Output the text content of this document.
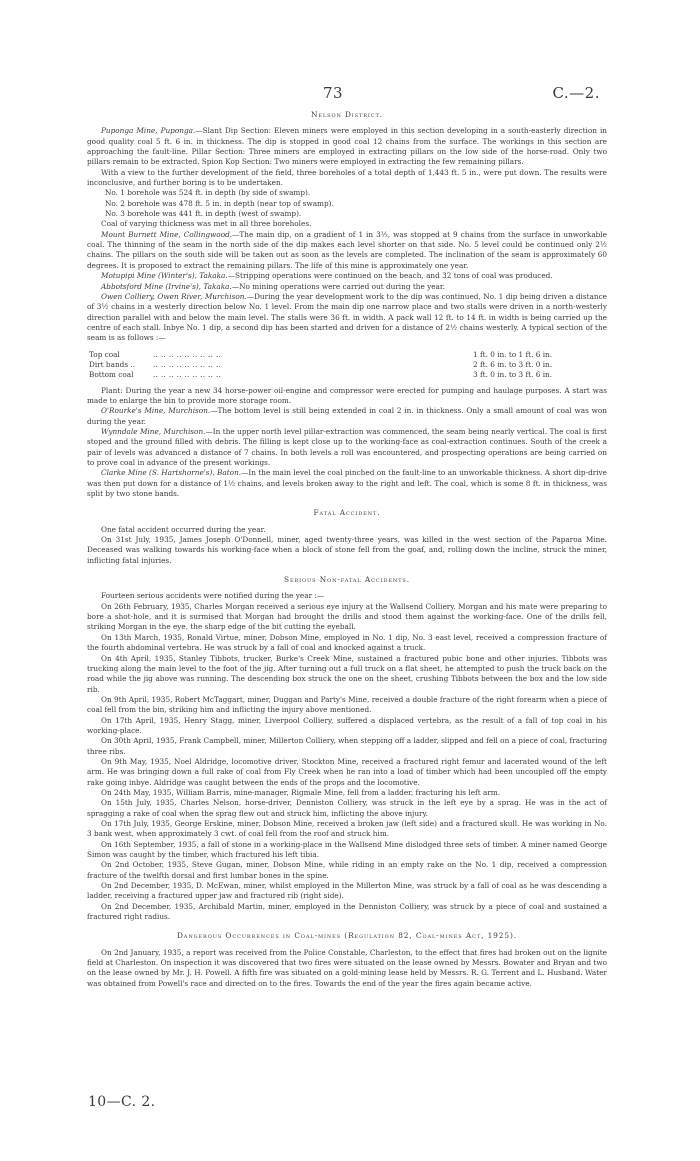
73	C.—2.
Nelson District.

Puponga Mine, Puponga.—Slant Dip Section: Eleven miners were employed in this section developing in a south-easterly direction in good quality coal 5 ft. 6 in. in thickness. The dip is stopped in good coal 12 chains from the surface. The workings in this section are approaching the fault-line. Pillar Section: Three miners are employed in extracting pillars on the low side of the horse-road. Only two pillars remain to be extracted. Spion Kop Section: Two miners were employed in extracting the few remaining pillars.

With a view to the further development of the field, three boreholes of a total depth of 1,443 ft. 5 in., were put down. The results were inconclusive, and further boring is to be undertaken.

No. 1 borehole was 524 ft. in depth (by side of swamp).

No. 2 borehole was 478 ft. 5 in. in depth (near top of swamp).

No. 3 borehole was 441 ft. in depth (west of swamp).

Coal of varying thickness was met in all three boreholes.

Mount Burnett Mine, Collingwood.—The main dip, on a gradient of 1 in 3½, was stopped at 9 chains from the surface in unworkable coal. The thinning of the seam in the north side of the dip makes each level shorter on that side. No. 5 level could be continued only 2½ chains. The pillars on the south side will be taken out as soon as the levels are completed. The inclination of the seam is approximately 60 degrees. It is proposed to extract the remaining pillars. The life of this mine is approximately one year.

Motupipi Mine (Winter's), Takaka.—Stripping operations were continued on the beach, and 32 tons of coal was produced.

Abbotsford Mine (Irvine's), Takaka.—No mining operations were carried out during the year.

Owen Colliery, Owen River, Murchison.—During the year development work to the dip was continued, No. 1 dip being driven a distance of 3½ chains in a westerly direction below No. 1 level. From the main dip one narrow place and two stalls were driven in a north-westerly direction parallel with and below the main level. The stalls were 36 ft. in width. A pack wall 12 ft. to 14 ft. in width is being carried up the centre of each stall. Inbye No. 1 dip, a second dip has been started and driven for a distance of 2½ chains westerly. A typical section of the seam is as follows :—

Top coal	.. .. .. .. .. .. .. .. ..	1 ft. 0 in. to 1 ft. 6 in.
Dirt bands ..	.. .. .. .. .. .. .. .. ..	2 ft. 6 in. to 3 ft. 0 in.
Bottom coal	.. .. .. .. .. .. .. .. ..	3 ft. 0 in. to 3 ft. 6 in.

Plant: During the year a new 34 horse-power oil-engine and compressor were erected for pumping and haulage purposes. A start was made to enlarge the bin to provide more storage room.

O'Rourke's Mine, Murchison.—The bottom level is still being extended in coal 2 in. in thickness. Only a small amount of coal was won during the year.

Wynndale Mine, Murchison.—In the upper north level pillar-extraction was commenced, the seam being nearly vertical. The coal is first stoped and the ground filled with debris. The filling is kept close up to the working-face as coal-extraction continues. South of the creek a pair of levels was advanced a distance of 7 chains. In both levels a roll was encountered, and prospecting operations are being carried on to prove coal in advance of the present workings.

Clarke Mine (S. Hartshorne's), Baton.—In the main level the coal pinched on the fault-line to an unworkable thickness. A short dip-drive was then put down for a distance of 1½ chains, and levels broken away to the right and left. The coal, which is some 8 ft. in thickness, was split by two stone bands.

Fatal Accident.

One fatal accident occurred during the year.

On 31st July, 1935, James Joseph O'Donnell, miner, aged twenty-three years, was killed in the west section of the Paparoa Mine. Deceased was walking towards his working-face when a block of stone fell from the goaf, and, rolling down the incline, struck the miner, inflicting fatal injuries.

Serious Non-fatal Accidents.

Fourteen serious accidents were notified during the year :—

On 26th February, 1935, Charles Morgan received a serious eye injury at the Wallsend Colliery. Morgan and his mate were preparing to bore a shot-hole, and it is surmised that Morgan had brought the drills and stood them against the working-face. One of the drills fell, striking Morgan in the eye, the sharp edge of the bit cutting the eyeball.

On 13th March, 1935, Ronald Virtue, miner, Dobson Mine, employed in No. 1 dip, No. 3 east level, received a compression fracture of the fourth abdominal vertebra. He was struck by a fall of coal and knocked against a truck.

On 4th April, 1935, Stanley Tibbots, trucker, Burke's Creek Mine, sustained a fractured pubic bone and other injuries. Tibbots was trucking along the main level to the foot of the jig. After turning out a full truck on a flat sheet, he attempted to push the truck back on the road while the jig above was running. The descending box struck the one on the sheet, crushing Tibbots between the box and the low side rib.

On 9th April, 1935, Robert McTaggart, miner, Duggan and Party's Mine, received a double fracture of the right forearm when a piece of coal fell from the bin, striking him and inflicting the injury above mentioned.

On 17th April, 1935, Henry Stagg, miner, Liverpool Colliery, suffered a displaced vertebra, as the result of a fall of top coal in his working-place.

On 30th April, 1935, Frank Campbell, miner, Millerton Colliery, when stepping off a ladder, slipped and fell on a piece of coal, fracturing three ribs.

On 9th May, 1935, Noel Aldridge, locomotive driver, Stockton Mine, received a fractured right femur and lacerated wound of the left arm. He was bringing down a full rake of coal from Fly Creek when he ran into a load of timber which had been uncoupled off the empty rake going inbye. Aldridge was caught between the ends of the props and the locomotive.

On 24th May, 1935, William Barris, mine-manager, Rigmale Mine, fell from a ladder, fracturing his left arm.

On 15th July, 1935, Charles Nelson, horse-driver, Denniston Colliery, was struck in the left eye by a sprag. He was in the act of spragging a rake of coal when the sprag flew out and struck him, inflicting the above injury.

On 17th July, 1935, George Erskine, miner, Dobson Mine, received a broken jaw (left side) and a fractured skull. He was working in No. 3 bank west, when approximately 3 cwt. of coal fell from the roof and struck him.

On 16th September, 1935, a fall of stone in a working-place in the Wallsend Mine dislodged three sets of timber. A miner named George Simon was caught by the timber, which fractured his left tibia.

On 2nd October, 1935, Steve Gugan, miner, Dobson Mine, while riding in an empty rake on the No. 1 dip, received a compression fracture of the twelfth dorsal and first lumbar bones in the spine.

On 2nd December, 1935, D. McEwan, miner, whilst employed in the Millerton Mine, was struck by a fall of coal as he was descending a ladder, receiving a fractured upper jaw and fractured rib (right side).

On 2nd December, 1935, Archibald Martin, miner, employed in the Denniston Colliery, was struck by a piece of coal and sustained a fractured right radius.

Dangerous Occurrences in Coal-mines (Regulation 82, Coal-mines Act, 1925).

On 2nd January, 1935, a report was received from the Police Constable, Charleston, to the effect that fires had broken out on the lignite field at Charleston. On inspection it was discovered that two fires were situated on the lease owned by Messrs. Bowater and Bryan and two on the lease owned by Mr. J. H. Powell. A fifth fire was situated on a gold-mining lease held by Messrs. R. G. Terrent and L. Husband. Water was obtained from Powell's race and directed on to the fires. Towards the end of the year the fires again became active.

10—C. 2.
